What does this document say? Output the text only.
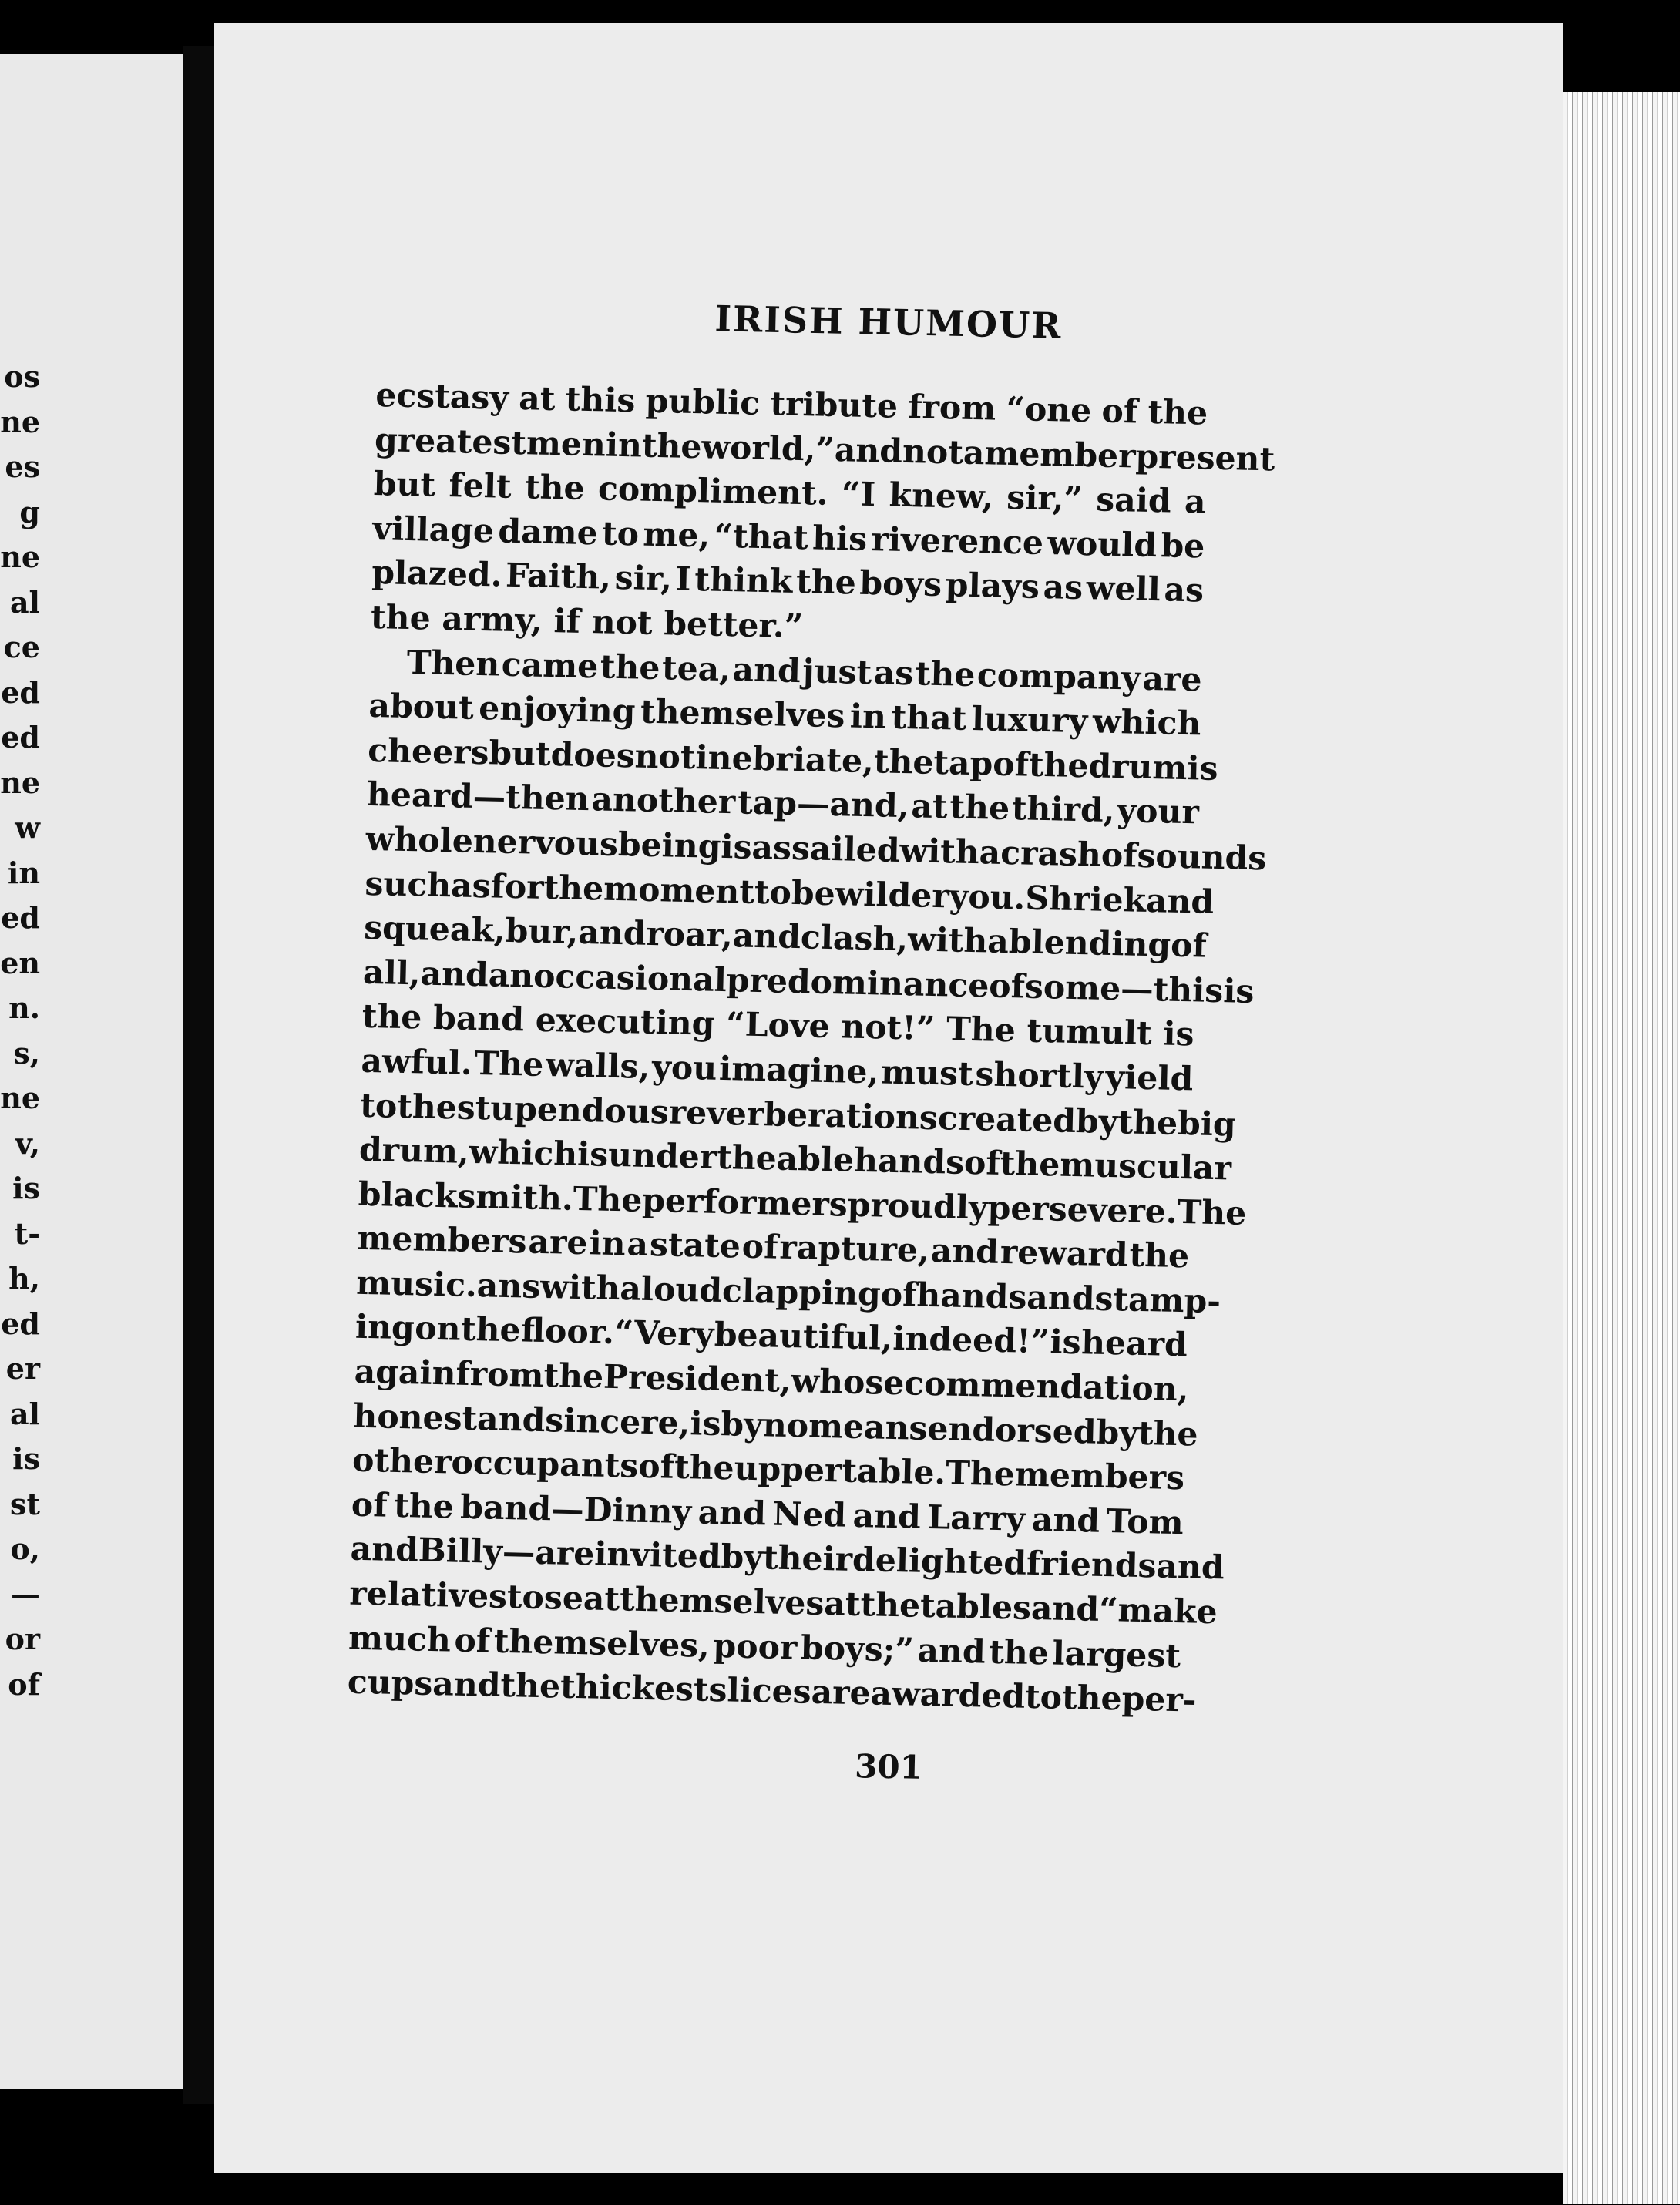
os
ne
es
g
ne
al
ce
ed
ed
ne
w
in
ed
en
n.
s,
ne
v,
is
t-
h,
ed
er
al
is
st
o,
—
or
of
IRISH HUMOUR
ecstasy at this public tribute from “one of the
greatest
men
in
the
world,”
and
not
a
member
present
but felt the compliment. “I knew, sir,” said a
village dame to me, “that his riverence would be
plazed. Faith, sir, I think the boys plays as well as
the army, if not better.”
Then came the tea, and just as the company are
about enjoying themselves in that luxury which
cheers
but
does
not
inebriate,
the
tap
of
the
drum
is
heard—then another tap—and, at the third, your
whole
nervous
being
is
assailed
with
a
crash
of
sounds
such
as
for
the
moment
to
bewilder
you.
Shriek
and
squeak,
bur,
and
roar,
and
clash,
with
a
blending
of
all,
and
an
occasional
predominance
of
some—this
is
the band executing “Love not!” The tumult is
awful. The walls, you imagine, must shortly yield
to
the
stupendous
reverberations
created
by
the
big
drum,
which
is
under
the
able
hands
of
the
muscular
blacksmith.
The
performers
proudly
persevere.
The
members are in a state of rapture, and reward the
music.
ans
with
a
loud
clapping
of
hands
and
stamp-
ing on the floor. “Very beautiful, indeed!” is heard
again
from
the
President,
whose
commendation,
honest
and
sincere,
is
by
no
means
endorsed
by
the
other
occupants
of
the
upper
table.
The
members
of the band—Dinny and Ned and Larry and Tom
and
Billy—are
invited
by
their
delighted
friends
and
relatives
to
seat
themselves
at
the
tables
and
“make
much of themselves, poor boys;” and the largest
cups
and
the
thickest
slices
are
awarded
to
the
per-
301
